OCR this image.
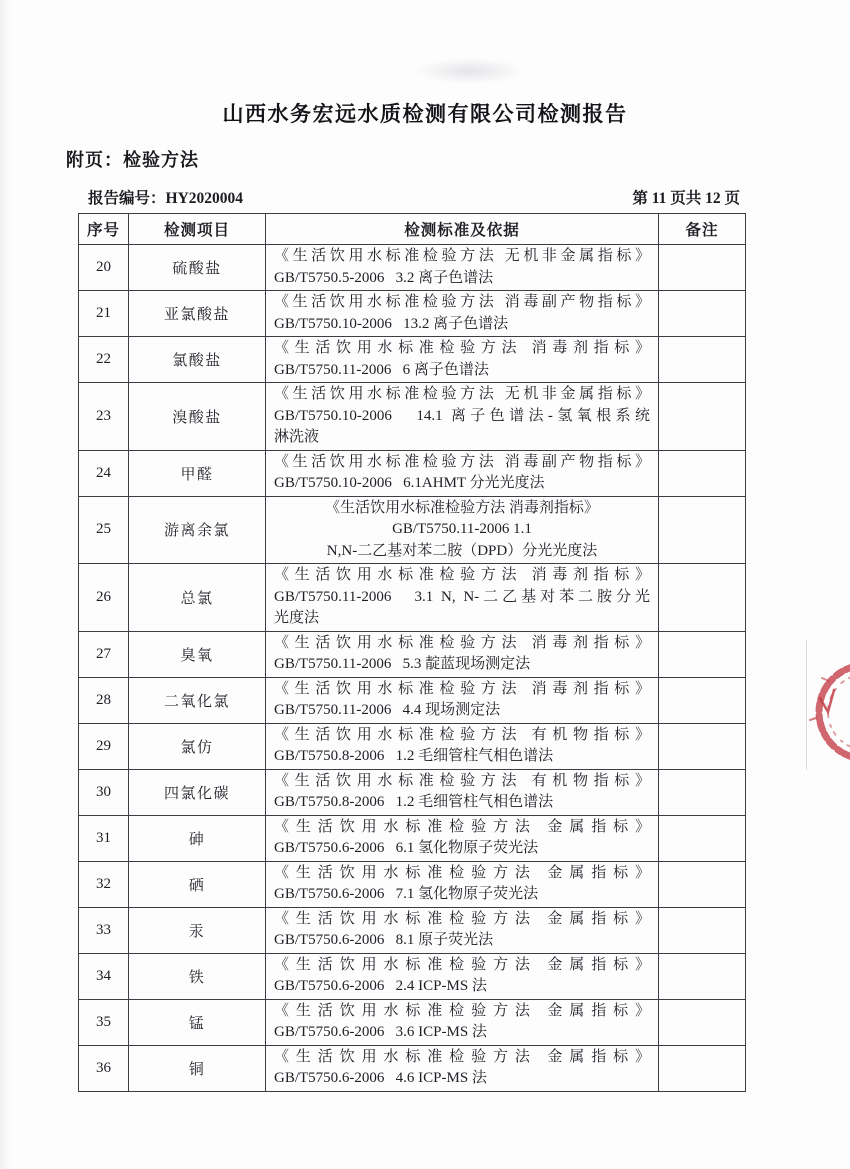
山西水务宏远水质检测有限公司检测报告
附页：检验方法
报告编号：HY2020004	第 11 页共 12 页
序号	检测项目	检测标准及依据	备注
20	硫酸盐	《生活饮用水标准检验方法 无机非金属指标》
GB/T5750.5-2006   3.2 离子色谱法	

21	亚氯酸盐	《生活饮用水标准检验方法 消毒副产物指标》
GB/T5750.10-2006   13.2 离子色谱法	

22	氯酸盐	《生活饮用水标准检验方法 消毒剂指标》
GB/T5750.11-2006   6 离子色谱法	

23	溴酸盐	《生活饮用水标准检验方法 无机非金属指标》
GB/T5750.10-2006   14.1 离子色谱法-氢氧根系统
淋洗液	

24	甲醛	《生活饮用水标准检验方法 消毒副产物指标》
GB/T5750.10-2006   6.1AHMT 分光光度法	

25	游离余氯	《生活饮用水标准检验方法 消毒剂指标》
GB/T5750.11-2006 1.1
N,N-二乙基对苯二胺（DPD）分光光度法	

26	总氯	《生活饮用水标准检验方法 消毒剂指标》
GB/T5750.11-2006   3.1 N, N-二乙基对苯二胺分光
光度法	

27	臭氧	《生活饮用水标准检验方法 消毒剂指标》
GB/T5750.11-2006   5.3 靛蓝现场测定法	

28	二氧化氯	《生活饮用水标准检验方法 消毒剂指标》
GB/T5750.11-2006   4.4 现场测定法	

29	氯仿	《生活饮用水标准检验方法 有机物指标》
GB/T5750.8-2006   1.2 毛细管柱气相色谱法	

30	四氯化碳	《生活饮用水标准检验方法 有机物指标》
GB/T5750.8-2006   1.2 毛细管柱气相色谱法	

31	砷	《生活饮用水标准检验方法 金属指标》
GB/T5750.6-2006   6.1 氢化物原子荧光法	

32	硒	《生活饮用水标准检验方法 金属指标》
GB/T5750.6-2006   7.1 氢化物原子荧光法	

33	汞	《生活饮用水标准检验方法 金属指标》
GB/T5750.6-2006   8.1 原子荧光法	

34	铁	《生活饮用水标准检验方法 金属指标》
GB/T5750.6-2006   2.4 ICP-MS 法	

35	锰	《生活饮用水标准检验方法 金属指标》
GB/T5750.6-2006   3.6 ICP-MS 法	

36	铜	《生活饮用水标准检验方法 金属指标》
GB/T5750.6-2006   4.6 ICP-MS 法	
